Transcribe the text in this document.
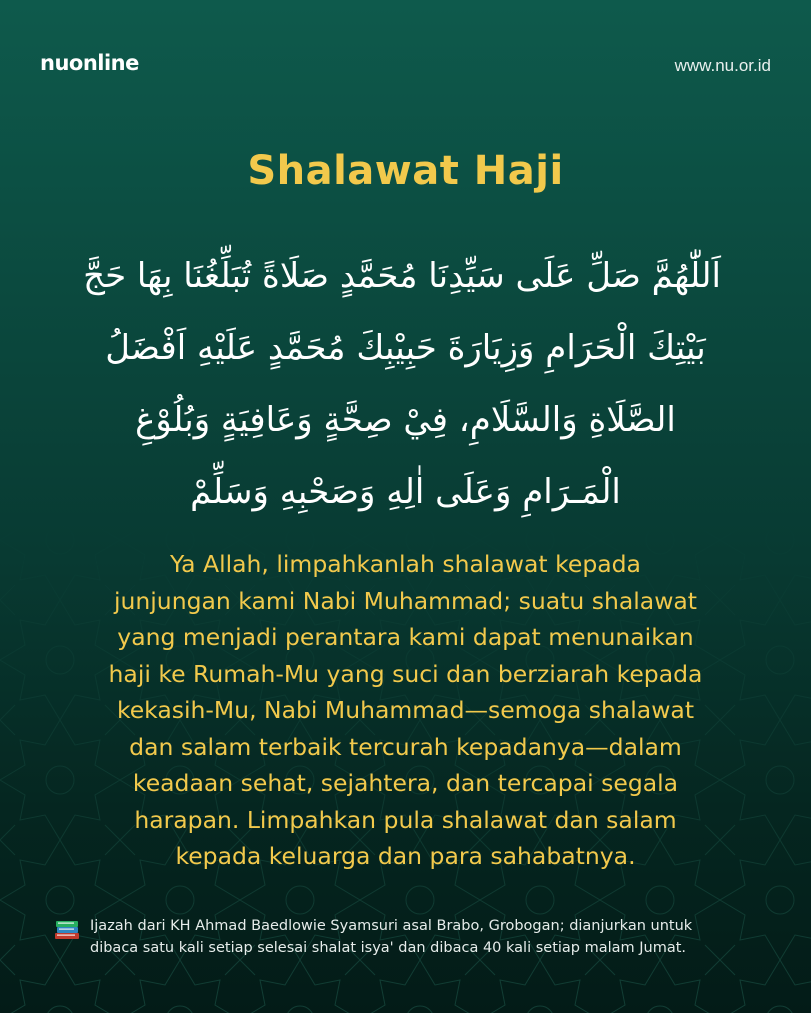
nuonline	www.nu.or.id
Shalawat Haji
اَللّٰهُمَّ صَلِّ عَلَى سَيِّدِنَا مُحَمَّدٍ صَلَاةً تُبَلِّغُنَا بِهَا حَجَّ
بَيْتِكَ الْحَرَامِ وَزِيَارَةَ حَبِيْبِكَ مُحَمَّدٍ عَلَيْهِ اَفْضَلُ
الصَّلَاةِ وَالسَّلَامِ، فِيْ صِحَّةٍ وَعَافِيَةٍ وَبُلُوْغِ
الْمَـرَامِ وَعَلَى اٰلِهِ وَصَحْبِهِ وَسَلِّمْ
Ya Allah, limpahkanlah shalawat kepada
junjungan kami Nabi Muhammad; suatu shalawat
yang menjadi perantara kami dapat menunaikan
haji ke Rumah-Mu yang suci dan berziarah kepada
kekasih-Mu, Nabi Muhammad—semoga shalawat
dan salam terbaik tercurah kepadanya—dalam
keadaan sehat, sejahtera, dan tercapai segala
harapan. Limpahkan pula shalawat dan salam
kepada keluarga dan para sahabatnya.
Ijazah dari KH Ahmad Baedlowie Syamsuri asal Brabo, Grobogan; dianjurkan untuk
dibaca satu kali setiap selesai shalat isya' dan dibaca 40 kali setiap malam Jumat.
